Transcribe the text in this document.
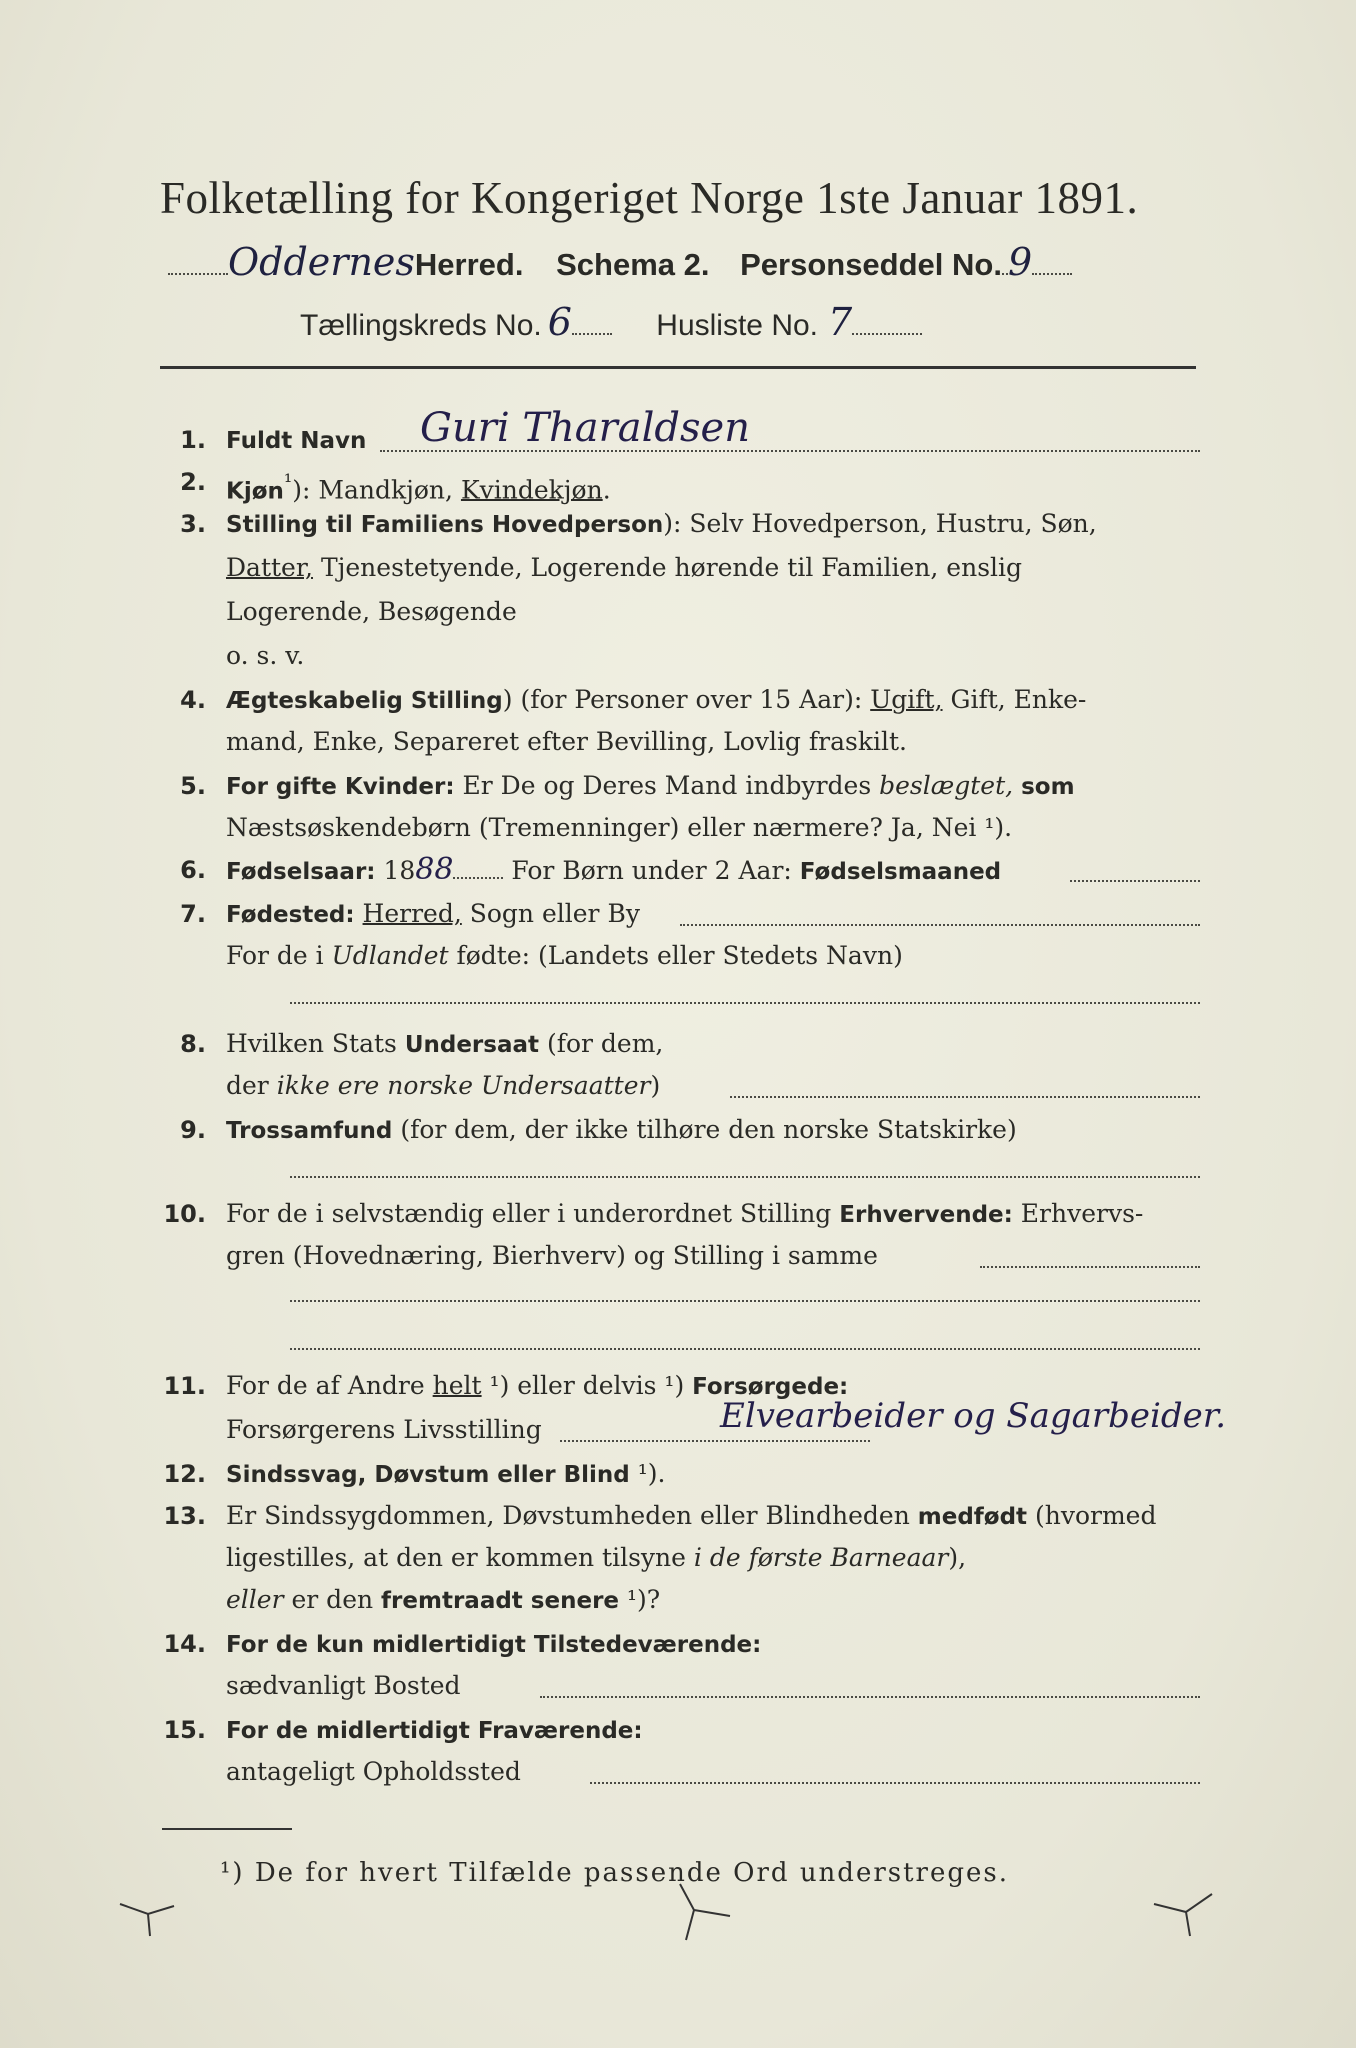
Folketælling for Kongeriget Norge 1ste Januar 1891.
OddernesHerred. Schema 2. Personseddel No. 9
Tællingskreds No. 6	Husliste No. 7
1. Fuldt Navn Guri Tharaldsen
2. Kjøn$^{^1}$): Mandkjøn, Kvindekjøn.
3. Stilling til Familiens Hovedperson): Selv Hovedperson, Hustru, Søn,
Datter, Tjenestetyende, Logerende hørende til Familien, enslig
Logerende, Besøgende
o. s. v.
4. Ægteskabelig Stilling) (for Personer over 15 Aar): Ugift, Gift, Enke-
mand, Enke, Separeret efter Bevilling, Lovlig fraskilt.
5. For gifte Kvinder: Er De og Deres Mand indbyrdes beslægtet, som
Næstsøskendebørn (Tremenninger) eller nærmere? Ja, Nei ¹).
6. Fødselsaar: 1888 For Børn under 2 Aar: Fødselsmaaned
7. Fødested: Herred, Sogn eller By
For de i Udlandet fødte: (Landets eller Stedets Navn)
8. Hvilken Stats Undersaat (for dem,
der ikke ere norske Undersaatter)
9. Trossamfund (for dem, der ikke tilhøre den norske Statskirke)
10. For de i selvstændig eller i underordnet Stilling Erhvervende: Erhvervs-
gren (Hovednæring, Bierhverv) og Stilling i samme
11. For de af Andre helt ¹) eller delvis ¹) Forsørgede:
Forsørgerens Livsstilling	Elvearbeider og Sagarbeider.
12. Sindssvag, Døvstum eller Blind ¹).
13. Er Sindssygdommen, Døvstumheden eller Blindheden medfødt (hvormed
ligestilles, at den er kommen tilsyne i de første Barneaar),
eller er den fremtraadt senere ¹)?
14. For de kun midlertidigt Tilstedeværende:
sædvanligt Bosted
15. For de midlertidigt Fraværende:
antageligt Opholdssted
¹) De for hvert Tilfælde passende Ord understreges.
